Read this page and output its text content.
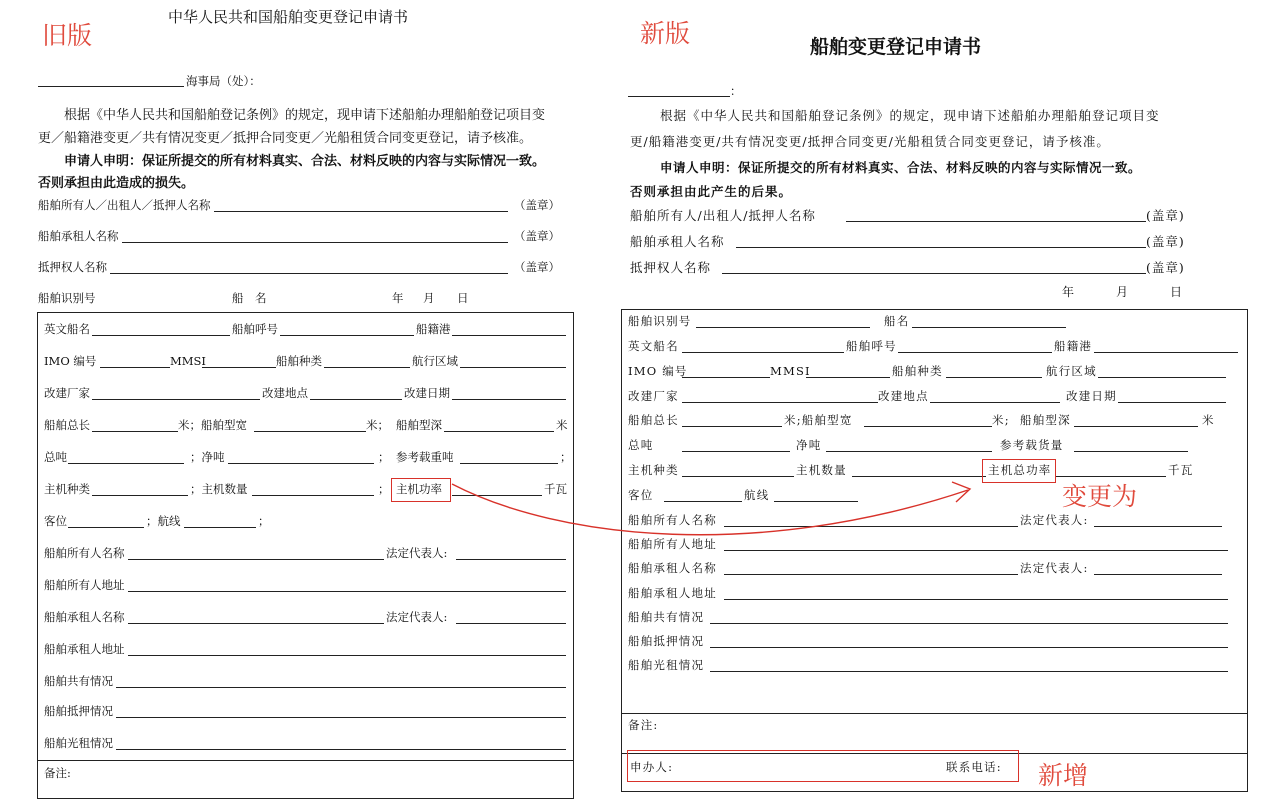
旧版
中华人民共和国船舶变更登记申请书
海事局（处）：
根据《中华人民共和国船舶登记条例》的规定，现申请下述船舶办理船舶登记项目变
更／船籍港变更／共有情况变更／抵押合同变更／光船租赁合同变更登记，请予核准。
申请人申明：保证所提交的所有材料真实、合法、材料反映的内容与实际情况一致。
否则承担由此造成的损失。
船舶所有人／出租人／抵押人名称	（盖章）
船舶承租人名称	（盖章）
抵押权人名称	（盖章）
船舶识别号	船　名	年 月 日
英文船名	船舶呼号	船籍港
IMO 编号	MMSI	船舶种类	航行区域
改建厂家	改建地点	改建日期
船舶总长	米；船舶型宽	米； 船舶型深	米
总吨	；净吨	； 参考载重吨	；
主机种类	；主机数量	； 主机功率	千瓦
客位	；航线	；
船舶所有人名称	法定代表人:
船舶所有人地址
船舶承租人名称	法定代表人:
船舶承租人地址
船舶共有情况
船舶抵押情况
船舶光租情况
备注:
新版	船舶变更登记申请书
：
根据《中华人民共和国船舶登记条例》的规定，现申请下述船舶办理船舶登记项目变
更/船籍港变更/共有情况变更/抵押合同变更/光船租赁合同变更登记，请予核准。
申请人申明：保证所提交的所有材料真实、合法、材料反映的内容与实际情况一致。
否则承担由此产生的后果。
船舶所有人/出租人/抵押人名称	(盖章)
船舶承租人名称	(盖章)
抵押权人名称	(盖章)
年	月	日
船舶识别号	船名
英文船名	船舶呼号	船籍港
IMO 编号	MMSI	船舶种类	航行区域
改建厂家	改建地点	改建日期
船舶总长	米;船舶型宽	米; 船舶型深	米
总吨	净吨	参考载货量
主机种类	主机数量	主机总功率	千瓦
客位	航线
船舶所有人名称	法定代表人:
船舶所有人地址
船舶承租人名称	法定代表人:
船舶承租人地址
船舶共有情况
船舶抵押情况
船舶光租情况
备注:
申办人:	联系电话:
变更为
新增
